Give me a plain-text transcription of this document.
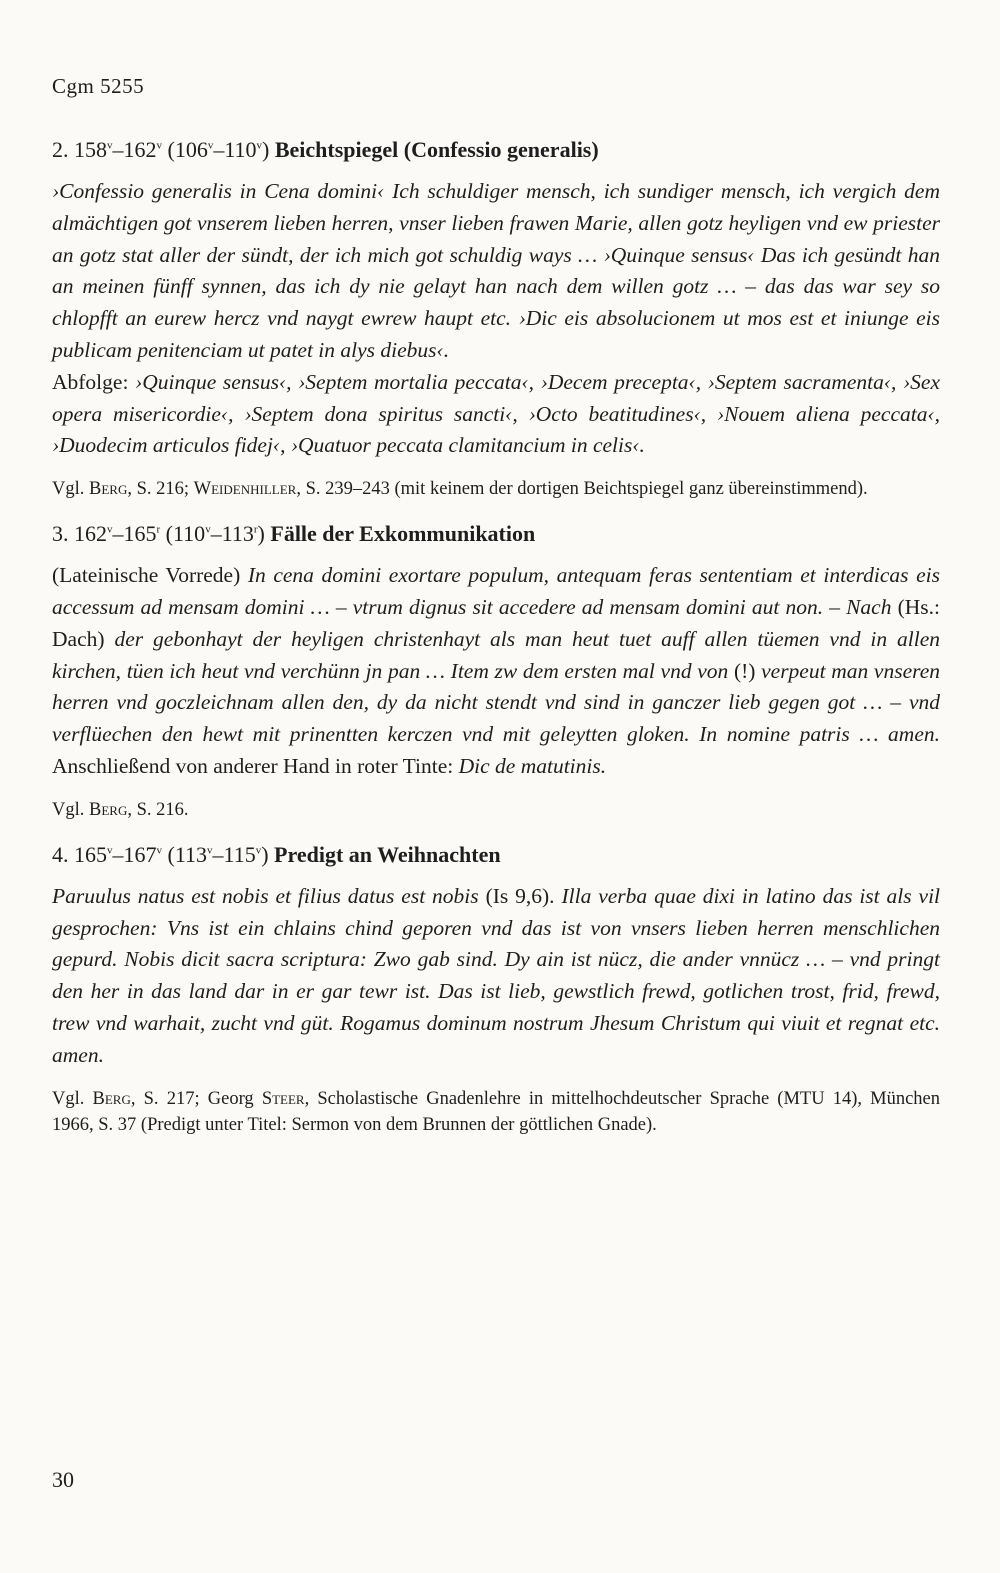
Cgm 5255

2. 158$^v$–162$^v$ (106$^v$–110$^v$) Beichtspiegel (Confessio generalis)

›Confessio generalis in Cena domini‹ Ich schuldiger mensch, ich sundiger mensch, ich vergich dem almächtigen got vnserem lieben herren, vnser lieben frawen Marie, allen gotz heyligen vnd ew priester an gotz stat aller der sündt, der ich mich got schuldig ways … ›Quinque sensus‹ Das ich gesündt han an meinen fünff synnen, das ich dy nie gelayt han nach dem willen gotz … – das das war sey so chlopfft an eurew hercz vnd naygt ewrew haupt etc. ›Dic eis absolucionem ut mos est et iniunge eis publicam penitenciam ut patet in alys diebus‹.
Abfolge: ›Quinque sensus‹, ›Septem mortalia peccata‹, ›Decem precepta‹, ›Septem sacramenta‹, ›Sex opera misericordie‹, ›Septem dona spiritus sancti‹, ›Octo beatitudines‹, ›Nouem aliena peccata‹, ›Duodecim articulos fidej‹, ›Quatuor peccata clamitancium in celis‹.

Vgl. Berg, S. 216; Weidenhiller, S. 239–243 (mit keinem der dortigen Beichtspiegel ganz übereinstimmend).

3. 162$^v$–165$^r$ (110$^v$–113$^r$) Fälle der Exkommunikation

(Lateinische Vorrede) In cena domini exortare populum, antequam feras sententiam et interdicas eis accessum ad mensam domini … – vtrum dignus sit accedere ad mensam domini aut non. – Nach (Hs.: Dach) der gebonhayt der heyligen christenhayt als man heut tuet auff allen tüemen vnd in allen kirchen, tüen ich heut vnd verchünn jn pan … Item zw dem ersten mal vnd von (!) verpeut man vnseren herren vnd goczleichnam allen den, dy da nicht stendt vnd sind in ganczer lieb gegen got … – vnd verflüechen den hewt mit prinentten kerczen vnd mit geleytten gloken. In nomine patris … amen. Anschließend von anderer Hand in roter Tinte: Dic de matutinis.

Vgl. Berg, S. 216.

4. 165$^v$–167$^v$ (113$^v$–115$^v$) Predigt an Weihnachten

Paruulus natus est nobis et filius datus est nobis (Is 9,6). Illa verba quae dixi in latino das ist als vil gesprochen: Vns ist ein chlains chind geporen vnd das ist von vnsers lieben herren menschlichen gepurd. Nobis dicit sacra scriptura: Zwo gab sind. Dy ain ist nücz, die ander vnnücz … – vnd pringt den her in das land dar in er gar tewr ist. Das ist lieb, gewstlich frewd, gotlichen trost, frid, frewd, trew vnd warhait, zucht vnd güt. Rogamus dominum nostrum Jhesum Christum qui viuit et regnat etc. amen.

Vgl. Berg, S. 217; Georg Steer, Scholastische Gnadenlehre in mittelhochdeutscher Sprache (MTU 14), München 1966, S. 37 (Predigt unter Titel: Sermon von dem Brunnen der göttlichen Gnade).

30
